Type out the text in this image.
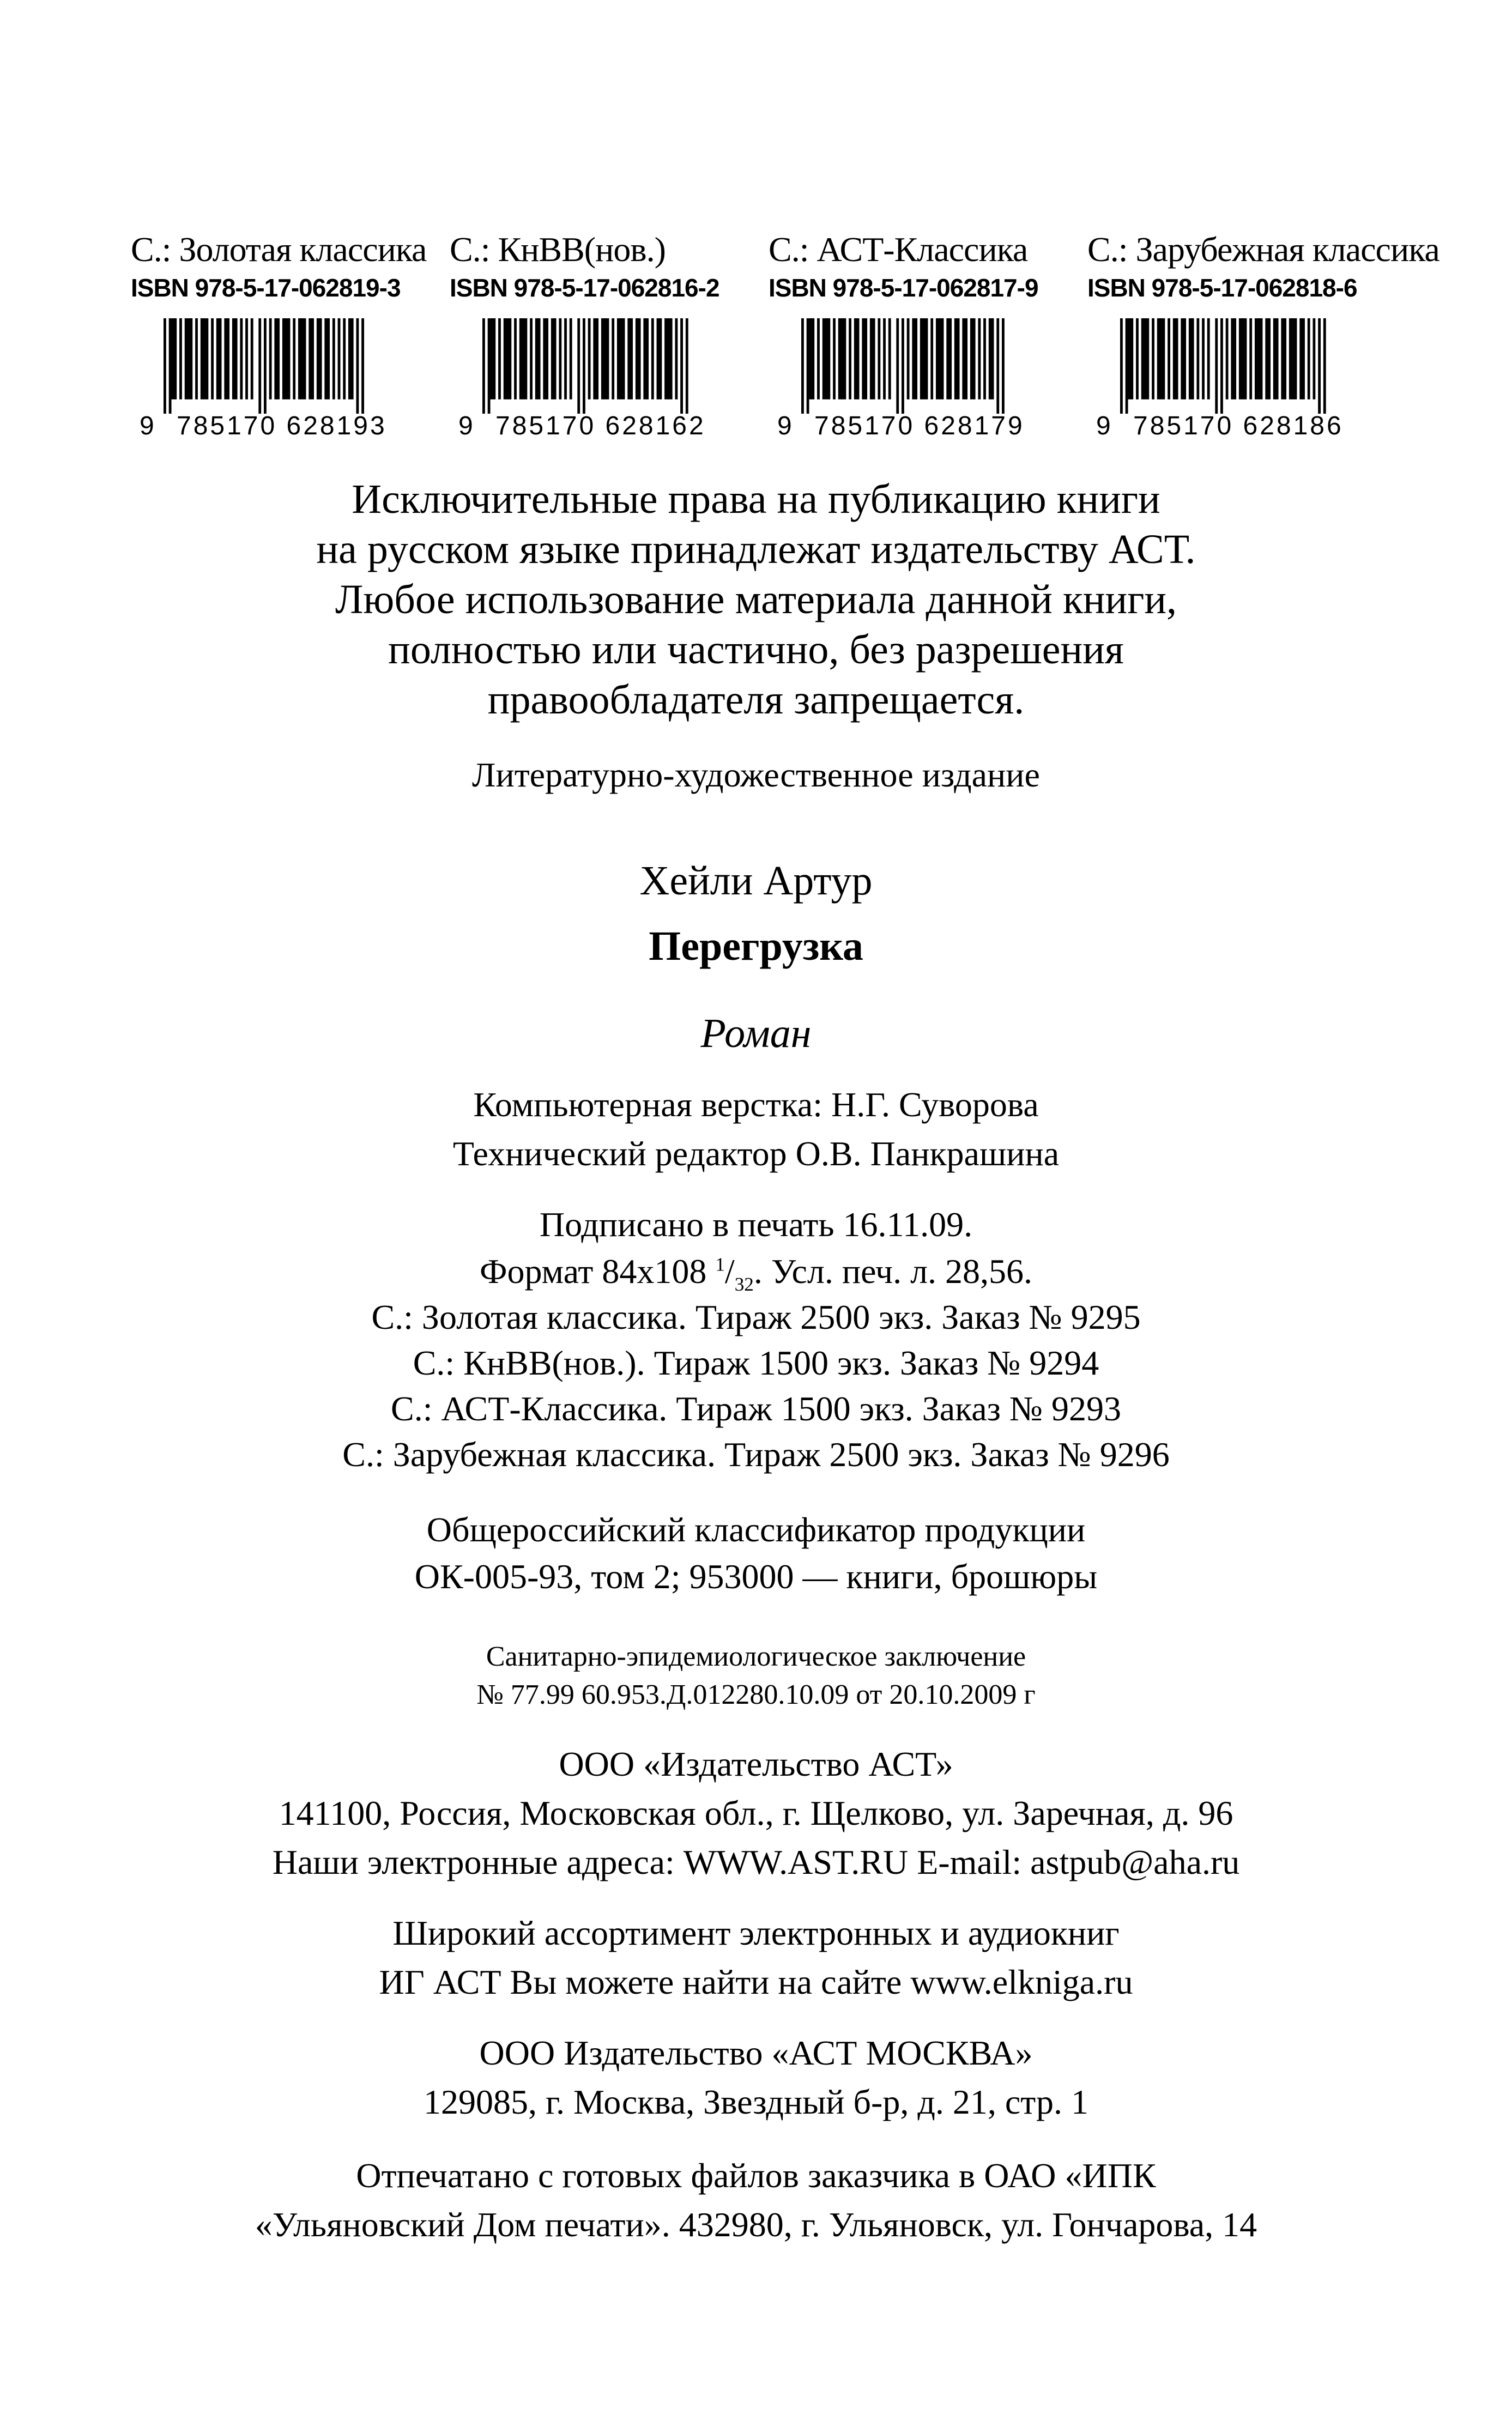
С.: Золотая классика
ISBN 978-5-17-062819-3
9 785170 628193
С.: КнВВ(нов.)
ISBN 978-5-17-062816-2
9 785170 628162
С.: АСТ-Классика
ISBN 978-5-17-062817-9
9 785170 628179
С.: Зарубежная классика
ISBN 978-5-17-062818-6
9 785170 628186
Исключительные права на публикацию книги
на русском языке принадлежат издательству АСТ.
Любое использование материала данной книги,
полностью или частично, без разрешения
правообладателя запрещается.
Литературно-художественное издание
Хейли Артур
Перегрузка
Роман
Компьютерная верстка: Н.Г. Суворова
Технический редактор О.В. Панкрашина
Подписано в печать 16.11.09.
Формат 84x108 $^1/_{32}$. Усл. печ. л. 28,56.
С.: Золотая классика. Тираж 2500 экз. Заказ № 9295
С.: КнВВ(нов.). Тираж 1500 экз. Заказ № 9294
С.: АСТ-Классика. Тираж 1500 экз. Заказ № 9293
С.: Зарубежная классика. Тираж 2500 экз. Заказ № 9296
Общероссийский классификатор продукции
ОК-005-93, том 2; 953000 — книги, брошюры
Санитарно-эпидемиологическое заключение
№ 77.99 60.953.Д.012280.10.09 от 20.10.2009 г
ООО «Издательство АСТ»
141100, Россия, Московская обл., г. Щелково, ул. Заречная, д. 96
Наши электронные адреса: WWW.AST.RU E-mail: astpub@aha.ru
Широкий ассортимент электронных и аудиокниг
ИГ АСТ Вы можете найти на сайте www.elkniga.ru
ООО Издательство «АСТ МОСКВА»
129085, г. Москва, Звездный б-р, д. 21, стр. 1
Отпечатано с готовых файлов заказчика в ОАО «ИПК
«Ульяновский Дом печати». 432980, г. Ульяновск, ул. Гончарова, 14
